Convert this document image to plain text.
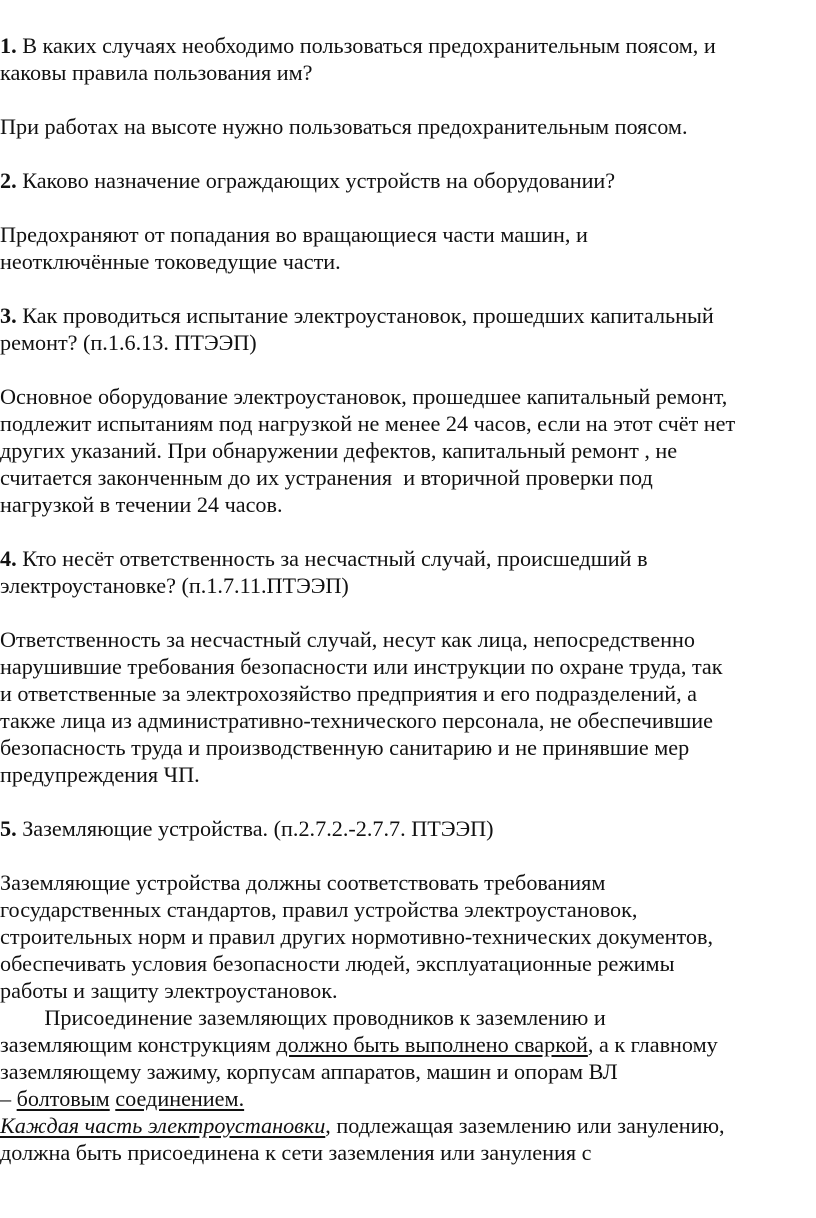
1. В каких случаях необходимо пользоваться предохранительным поясом, и
каковы правила пользования им?
При работах на высоте нужно пользоваться предохранительным поясом.
2. Каково назначение ограждающих устройств на оборудовании?
Предохраняют от попадания во вращающиеся части машин, и
неотключённые токоведущие части.
3. Как проводиться испытание электроустановок, прошедших капитальный
ремонт? (п.1.6.13. ПТЭЭП)
Основное оборудование электроустановок, прошедшее капитальный ремонт,
подлежит испытаниям под нагрузкой не менее 24 часов, если на этот счёт нет
других указаний. При обнаружении дефектов, капитальный ремонт , не
считается законченным до их устранения  и вторичной проверки под
нагрузкой в течении 24 часов.
4. Кто несёт ответственность за несчастный случай, происшедший в
электроустановке? (п.1.7.11.ПТЭЭП)
Ответственность за несчастный случай, несут как лица, непосредственно
нарушившие требования безопасности или инструкции по охране труда, так
и ответственные за электрохозяйство предприятия и его подразделений, а
также лица из административно-технического персонала, не обеспечившие
безопасность труда и производственную санитарию и не принявшие мер
предупреждения ЧП.
5. Заземляющие устройства. (п.2.7.2.-2.7.7. ПТЭЭП)
Заземляющие устройства должны соответствовать требованиям
государственных стандартов, правил устройства электроустановок,
строительных норм и правил других нормотивно-технических документов,
обеспечивать условия безопасности людей, эксплуатационные режимы
работы и защиту электроустановок.
Присоединение заземляющих проводников к заземлению и
заземляющим конструкциям должно быть выполнено сваркой, а к главному
заземляющему зажиму, корпусам аппаратов, машин и опорам ВЛ
– болтовым соединением.
Каждая часть электроустановки, подлежащая заземлению или занулению,
должна быть присоединена к сети заземления или зануления с
